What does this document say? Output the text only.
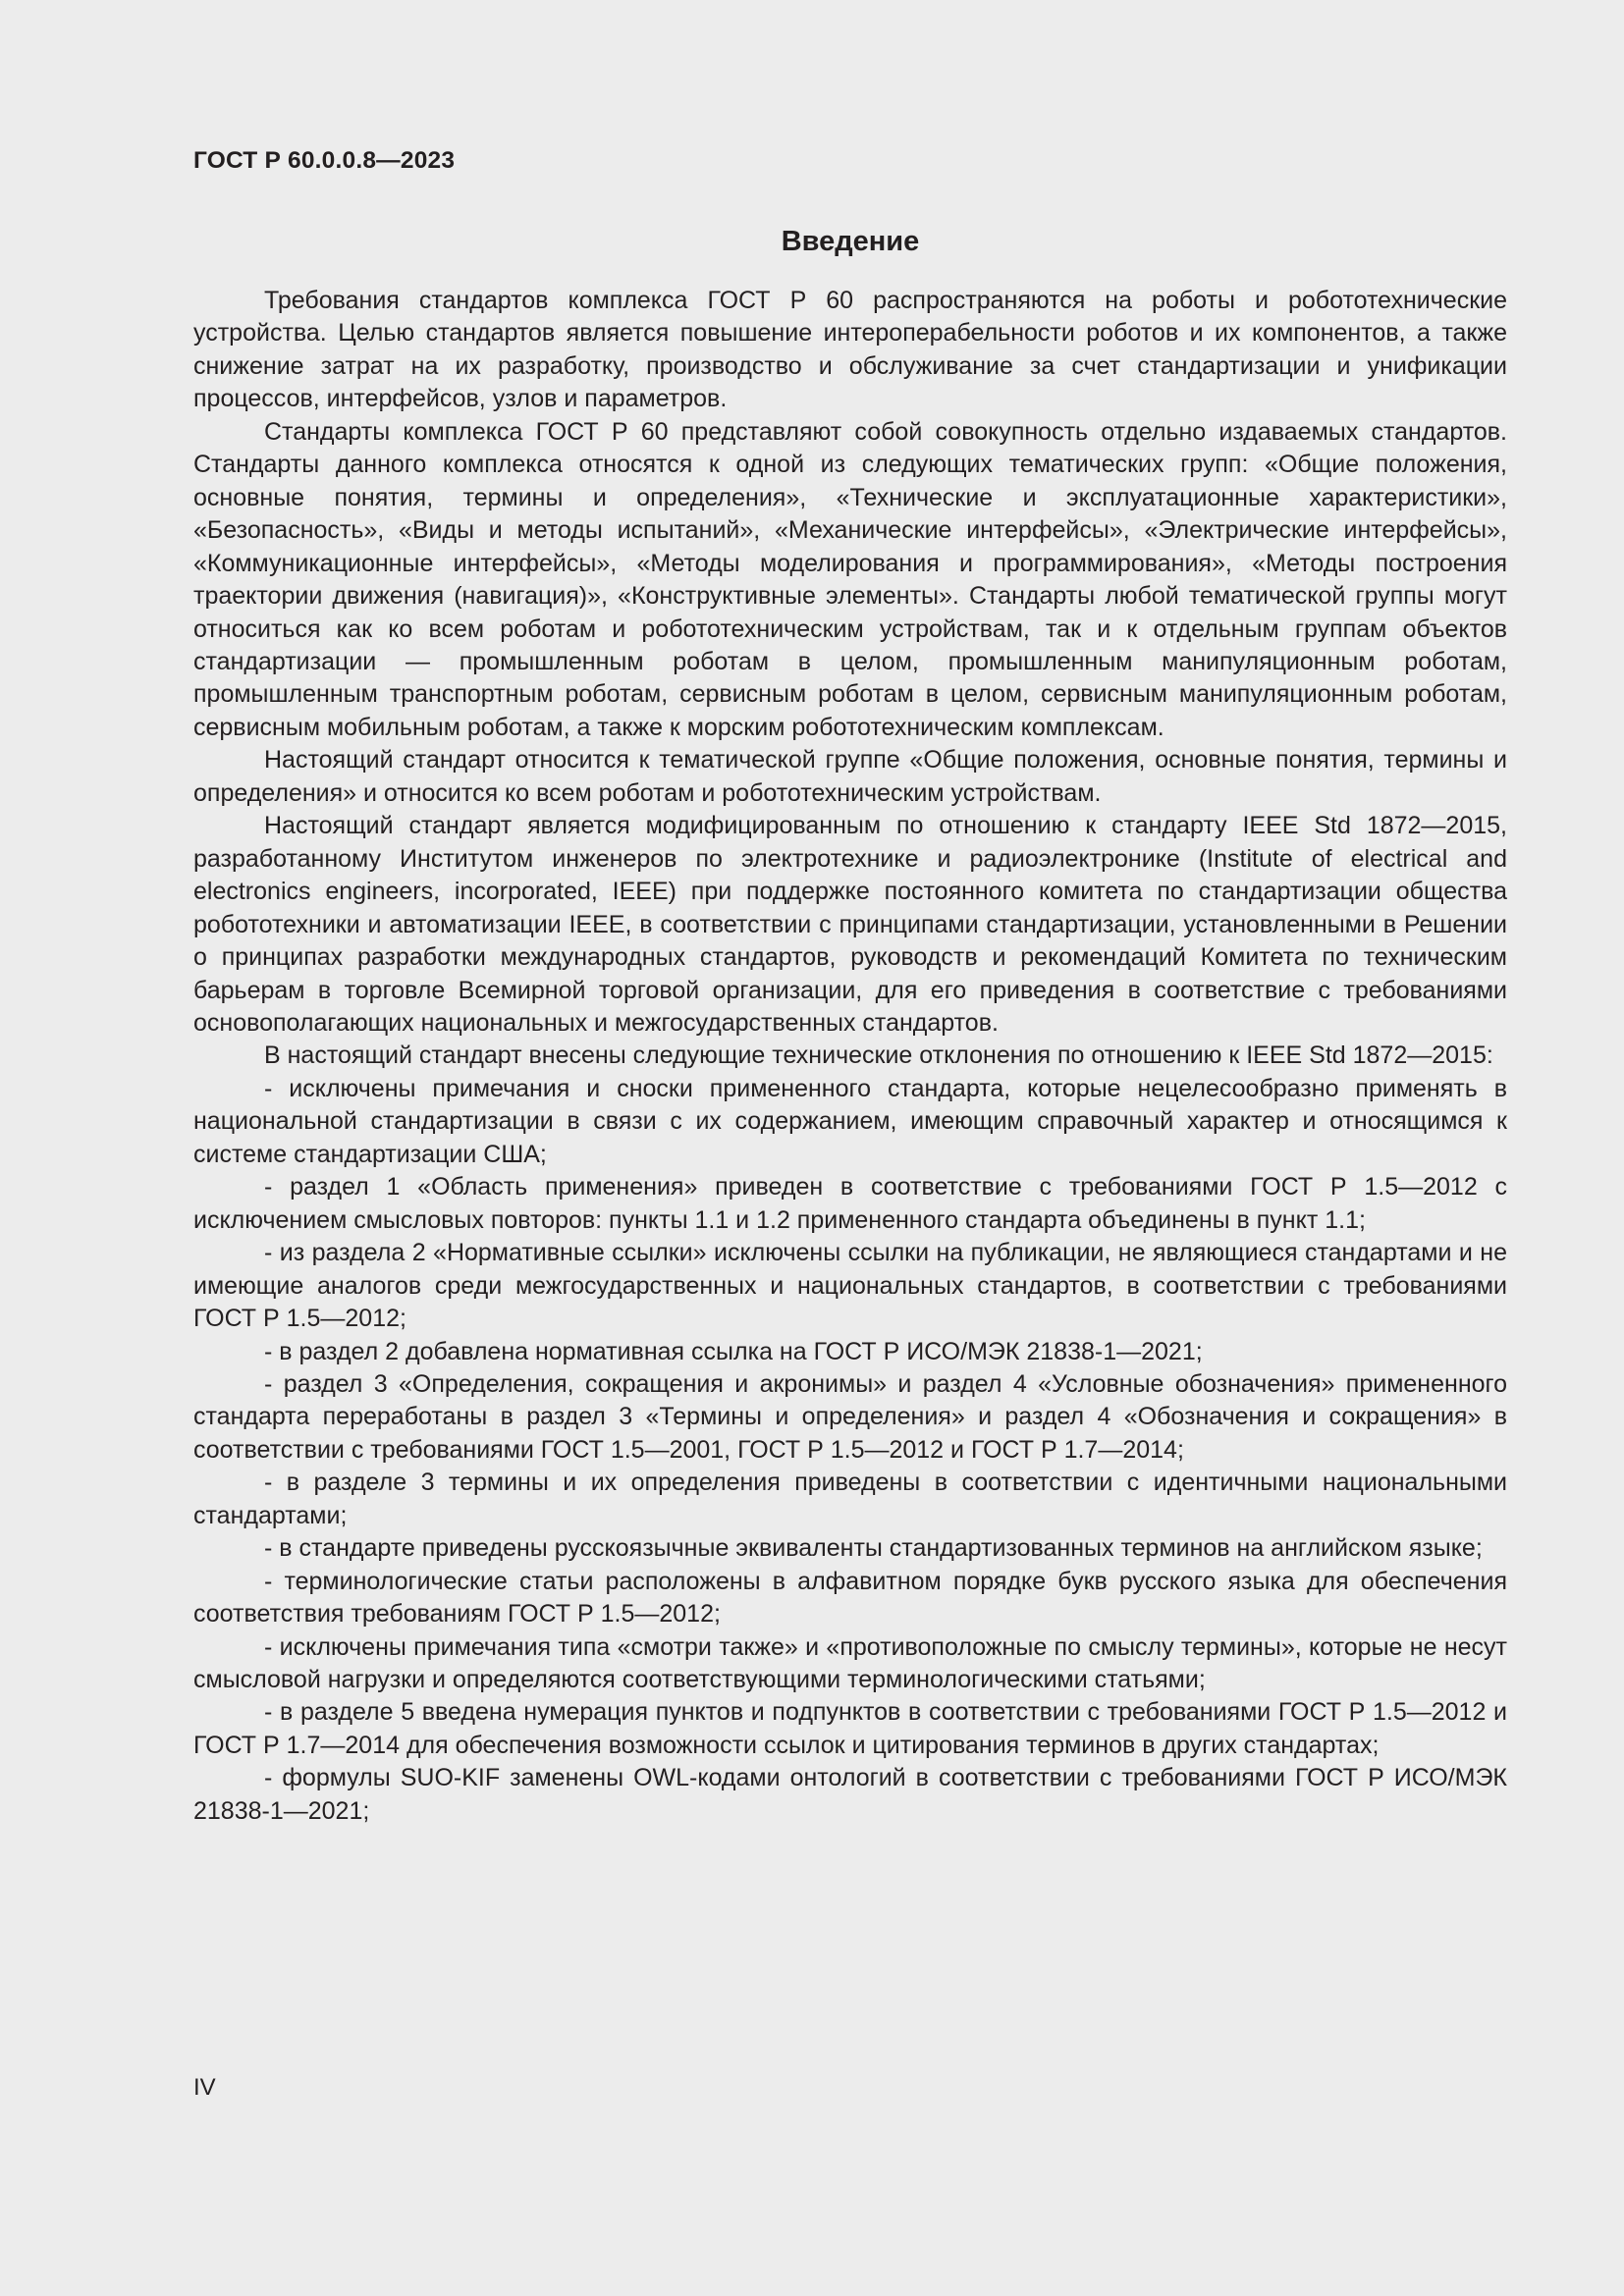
ГОСТ Р 60.0.0.8—2023
Введение

Требования стандартов комплекса ГОСТ Р 60 распространяются на роботы и робототехнические устройства. Целью стандартов является повышение интероперабельности роботов и их компонентов, а также снижение затрат на их разработку, производство и обслуживание за счет стандартизации и унификации процессов, интерфейсов, узлов и параметров.

Стандарты комплекса ГОСТ Р 60 представляют собой совокупность отдельно издаваемых стандартов. Стандарты данного комплекса относятся к одной из следующих тематических групп: «Общие положения, основные понятия, термины и определения», «Технические и эксплуатационные характеристики», «Безопасность», «Виды и методы испытаний», «Механические интерфейсы», «Электрические интерфейсы», «Коммуникационные интерфейсы», «Методы моделирования и программирования», «Методы построения траектории движения (навигация)», «Конструктивные элементы». Стандарты любой тематической группы могут относиться как ко всем роботам и робототехническим устройствам, так и к отдельным группам объектов стандартизации — промышленным роботам в целом, промышленным манипуляционным роботам, промышленным транспортным роботам, сервисным роботам в целом, сервисным манипуляционным роботам, сервисным мобильным роботам, а также к морским робототехническим комплексам.

Настоящий стандарт относится к тематической группе «Общие положения, основные понятия, термины и определения» и относится ко всем роботам и робототехническим устройствам.

Настоящий стандарт является модифицированным по отношению к стандарту IEEE Std 1872—2015, разработанному Институтом инженеров по электротехнике и радиоэлектронике (Institute of electrical and electronics engineers, incorporated, IEEE) при поддержке постоянного комитета по стандартизации общества робототехники и автоматизации IEEE, в соответствии с принципами стандартизации, установленными в Решении о принципах разработки международных стандартов, руководств и рекомендаций Комитета по техническим барьерам в торговле Всемирной торговой организации, для его приведения в соответствие с требованиями основополагающих национальных и межгосударственных стандартов.

В настоящий стандарт внесены следующие технические отклонения по отношению к IEEE Std 1872—2015:

- исключены примечания и сноски примененного стандарта, которые нецелесообразно применять в национальной стандартизации в связи с их содержанием, имеющим справочный характер и относящимся к системе стандартизации США;

- раздел 1 «Область применения» приведен в соответствие с требованиями ГОСТ Р 1.5—2012 с исключением смысловых повторов: пункты 1.1 и 1.2 примененного стандарта объединены в пункт 1.1;

- из раздела 2 «Нормативные ссылки» исключены ссылки на публикации, не являющиеся стандартами и не имеющие аналогов среди межгосударственных и национальных стандартов, в соответствии с требованиями ГОСТ Р 1.5—2012;

- в раздел 2 добавлена нормативная ссылка на ГОСТ Р ИСО/МЭК 21838-1—2021;

- раздел 3 «Определения, сокращения и акронимы» и раздел 4 «Условные обозначения» примененного стандарта переработаны в раздел 3 «Термины и определения» и раздел 4 «Обозначения и сокращения» в соответствии с требованиями ГОСТ 1.5—2001, ГОСТ Р 1.5—2012 и ГОСТ Р 1.7—2014;

- в разделе 3 термины и их определения приведены в соответствии с идентичными национальными стандартами;

- в стандарте приведены русскоязычные эквиваленты стандартизованных терминов на английском языке;

- терминологические статьи расположены в алфавитном порядке букв русского языка для обеспечения соответствия требованиям ГОСТ Р 1.5—2012;

- исключены примечания типа «смотри также» и «противоположные по смыслу термины», которые не несут смысловой нагрузки и определяются соответствующими терминологическими статьями;

- в разделе 5 введена нумерация пунктов и подпунктов в соответствии с требованиями ГОСТ Р 1.5—2012 и ГОСТ Р 1.7—2014 для обеспечения возможности ссылок и цитирования терминов в других стандартах;

- формулы SUO-KIF заменены OWL-кодами онтологий в соответствии с требованиями ГОСТ Р ИСО/МЭК 21838-1—2021;

IV
